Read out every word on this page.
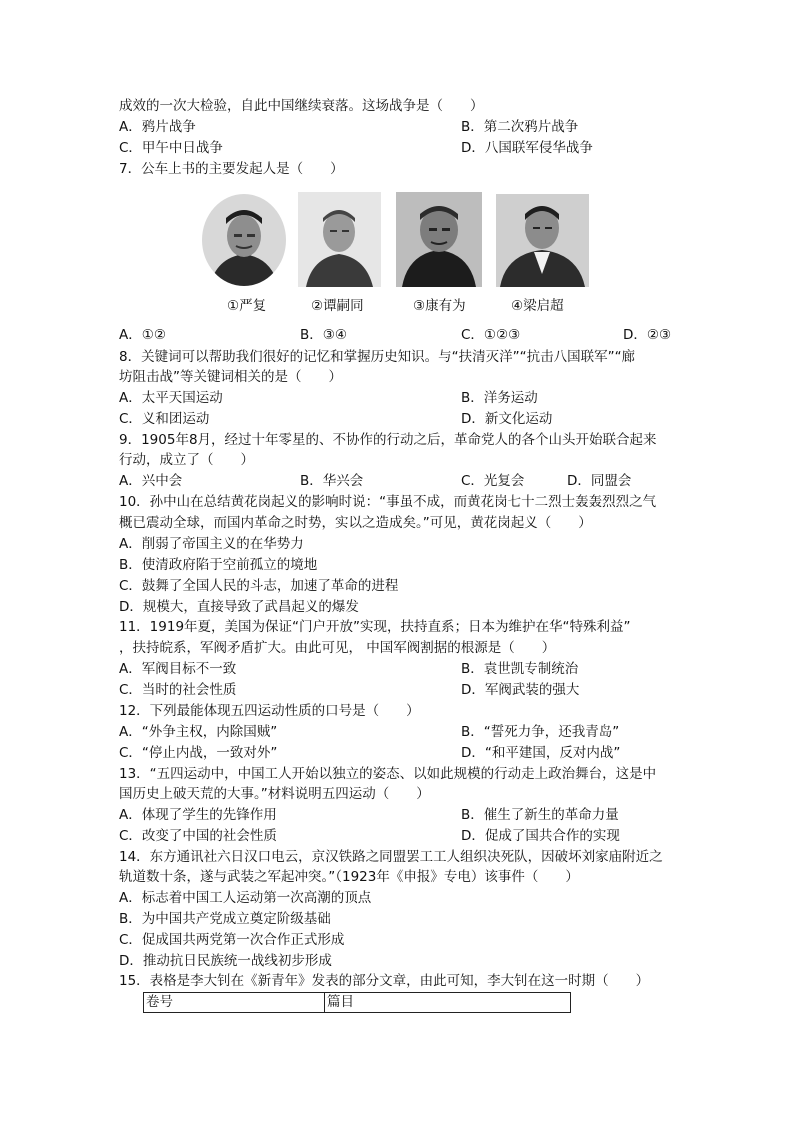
成效的一次大检验，自此中国继续衰落。这场战争是（　　）
A．鸦片战争	B．第二次鸦片战争
C．甲午中日战争	D．八国联军侵华战争
7．公车上书的主要发起人是（　　）
①严复	②谭嗣同	③康有为	④梁启超
A．①②	B．③④	C．①②③	D．②③
8．关键词可以帮助我们很好的记忆和掌握历史知识。与“扶清灭洋”“抗击八国联军”“廊
坊阻击战”等关键词相关的是（　　）
A．太平天国运动	B．洋务运动
C．义和团运动	D．新文化运动
9．1905年8月，经过十年零星的、不协作的行动之后，革命党人的各个山头开始联合起来
行动，成立了（　　）
A．兴中会	B．华兴会	C．光复会	D．同盟会
10．孙中山在总结黄花岗起义的影响时说：“事虽不成，而黄花岗七十二烈士轰轰烈烈之气
概已震动全球，而国内革命之时势，实以之造成矣。”可见，黄花岗起义（　　）
A．削弱了帝国主义的在华势力
B．使清政府陷于空前孤立的境地
C．鼓舞了全国人民的斗志，加速了革命的进程
D．规模大，直接导致了武昌起义的爆发
11．1919年夏，美国为保证“门户开放”实现，扶持直系；日本为维护在华“特殊利益”
，扶持皖系，军阀矛盾扩大。由此可见， 中国军阀割据的根源是（　　）
A．军阀目标不一致	B．袁世凯专制统治
C．当时的社会性质	D．军阀武装的强大
12．下列最能体现五四运动性质的口号是（　　）
A．“外争主权，内除国贼”	B．“誓死力争，还我青岛”
C．“停止内战，一致对外”	D．“和平建国，反对内战”
13．“五四运动中，中国工人开始以独立的姿态、以如此规模的行动走上政治舞台，这是中
国历史上破天荒的大事。”材料说明五四运动（　　）
A．体现了学生的先锋作用	B．催生了新生的革命力量
C．改变了中国的社会性质	D．促成了国共合作的实现
14．东方通讯社六日汉口电云，京汉铁路之同盟罢工工人组织决死队，因破坏刘家庙附近之
轨道数十条，遂与武装之军起冲突。”（1923年《申报》专电）该事件（　　）
A．标志着中国工人运动第一次高潮的顶点
B．为中国共产党成立奠定阶级基础
C．促成国共两党第一次合作正式形成
D．推动抗日民族统一战线初步形成
15．表格是李大钊在《新青年》发表的部分文章，由此可知，李大钊在这一时期（　　）
卷号	篇目
